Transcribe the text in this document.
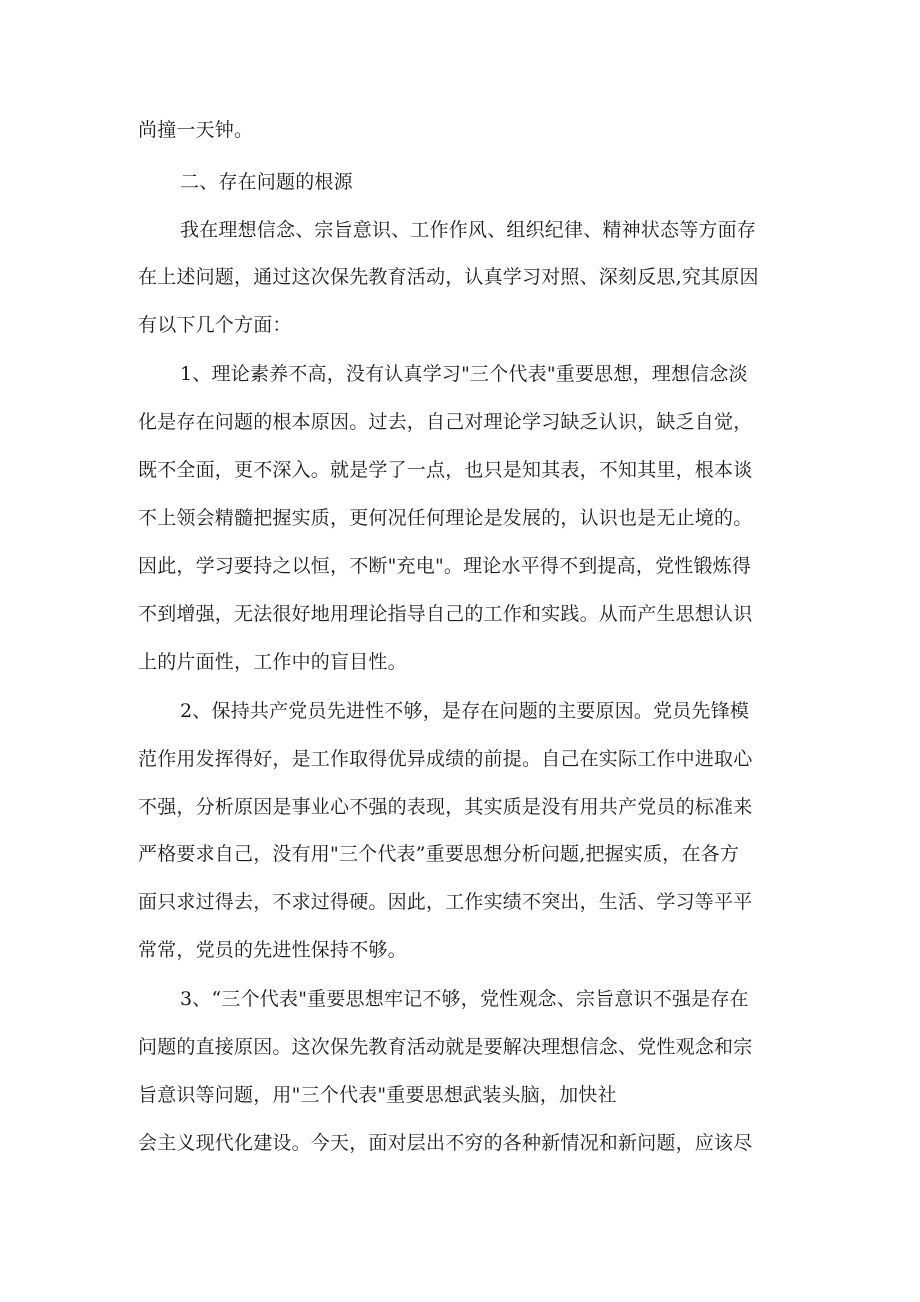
尚撞一天钟。
二、存在问题的根源
我在理想信念、宗旨意识、工作作风、组织纪律、精神状态等方面存
在上述问题，通过这次保先教育活动，认真学习对照、深刻反思,究其原因
有以下几个方面：
1、理论素养不高，没有认真学习"三个代表"重要思想，理想信念淡
化是存在问题的根本原因。过去，自己对理论学习缺乏认识，缺乏自觉，
既不全面，更不深入。就是学了一点，也只是知其表，不知其里，根本谈
不上领会精髓把握实质，更何况任何理论是发展的，认识也是无止境的。
因此，学习要持之以恒，不断"充电"。理论水平得不到提高，党性锻炼得
不到增强，无法很好地用理论指导自己的工作和实践。从而产生思想认识
上的片面性，工作中的盲目性。
2、保持共产党员先进性不够，是存在问题的主要原因。党员先锋模
范作用发挥得好，是工作取得优异成绩的前提。自己在实际工作中进取心
不强，分析原因是事业心不强的表现，其实质是没有用共产党员的标准来
严格要求自己，没有用"三个代表”重要思想分析问题,把握实质，在各方
面只求过得去，不求过得硬。因此，工作实绩不突出，生活、学习等平平
常常，党员的先进性保持不够。
3、“三个代表"重要思想牢记不够，党性观念、宗旨意识不强是存在
问题的直接原因。这次保先教育活动就是要解决理想信念、党性观念和宗
旨意识等问题，用"三个代表"重要思想武装头脑，加快社
会主义现代化建设。今天，面对层出不穷的各种新情况和新问题，应该尽
